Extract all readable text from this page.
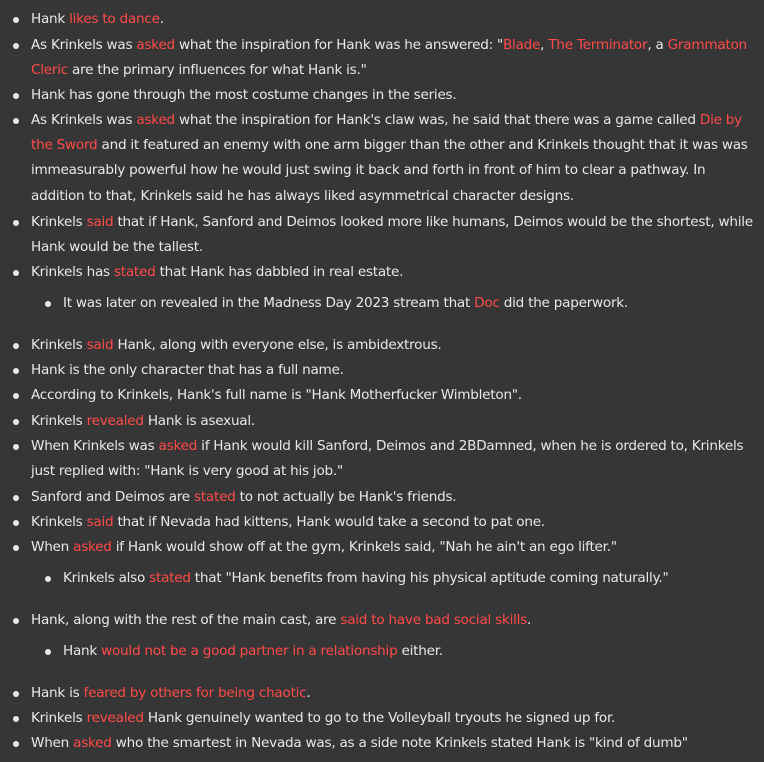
Hank likes to dance.
As Krinkels was asked what the inspiration for Hank was he answered: "Blade, The Terminator, a Grammaton Cleric are the primary influences for what Hank is."
Hank has gone through the most costume changes in the series.
As Krinkels was asked what the inspiration for Hank's claw was, he said that there was a game called Die by the Sword and it featured an enemy with one arm bigger than the other and Krinkels thought that it was was immeasurably powerful how he would just swing it back and forth in front of him to clear a pathway. In addition to that, Krinkels said he has always liked asymmetrical character designs.
Krinkels said that if Hank, Sanford and Deimos looked more like humans, Deimos would be the shortest, while Hank would be the tallest.
Krinkels has stated that Hank has dabbled in real estate.
It was later on revealed in the Madness Day 2023 stream that Doc did the paperwork.
Krinkels said Hank, along with everyone else, is ambidextrous.
Hank is the only character that has a full name.
According to Krinkels, Hank's full name is "Hank Motherfucker Wimbleton".
Krinkels revealed Hank is asexual.
When Krinkels was asked if Hank would kill Sanford, Deimos and 2BDamned, when he is ordered to, Krinkels just replied with: "Hank is very good at his job."
Sanford and Deimos are stated to not actually be Hank's friends.
Krinkels said that if Nevada had kittens, Hank would take a second to pat one.
When asked if Hank would show off at the gym, Krinkels said, "Nah he ain't an ego lifter."
Krinkels also stated that "Hank benefits from having his physical aptitude coming naturally."
Hank, along with the rest of the main cast, are said to have bad social skills.
Hank would not be a good partner in a relationship either.
Hank is feared by others for being chaotic.
Krinkels revealed Hank genuinely wanted to go to the Volleyball tryouts he signed up for.
When asked who the smartest in Nevada was, as a side note Krinkels stated Hank is "kind of dumb"
